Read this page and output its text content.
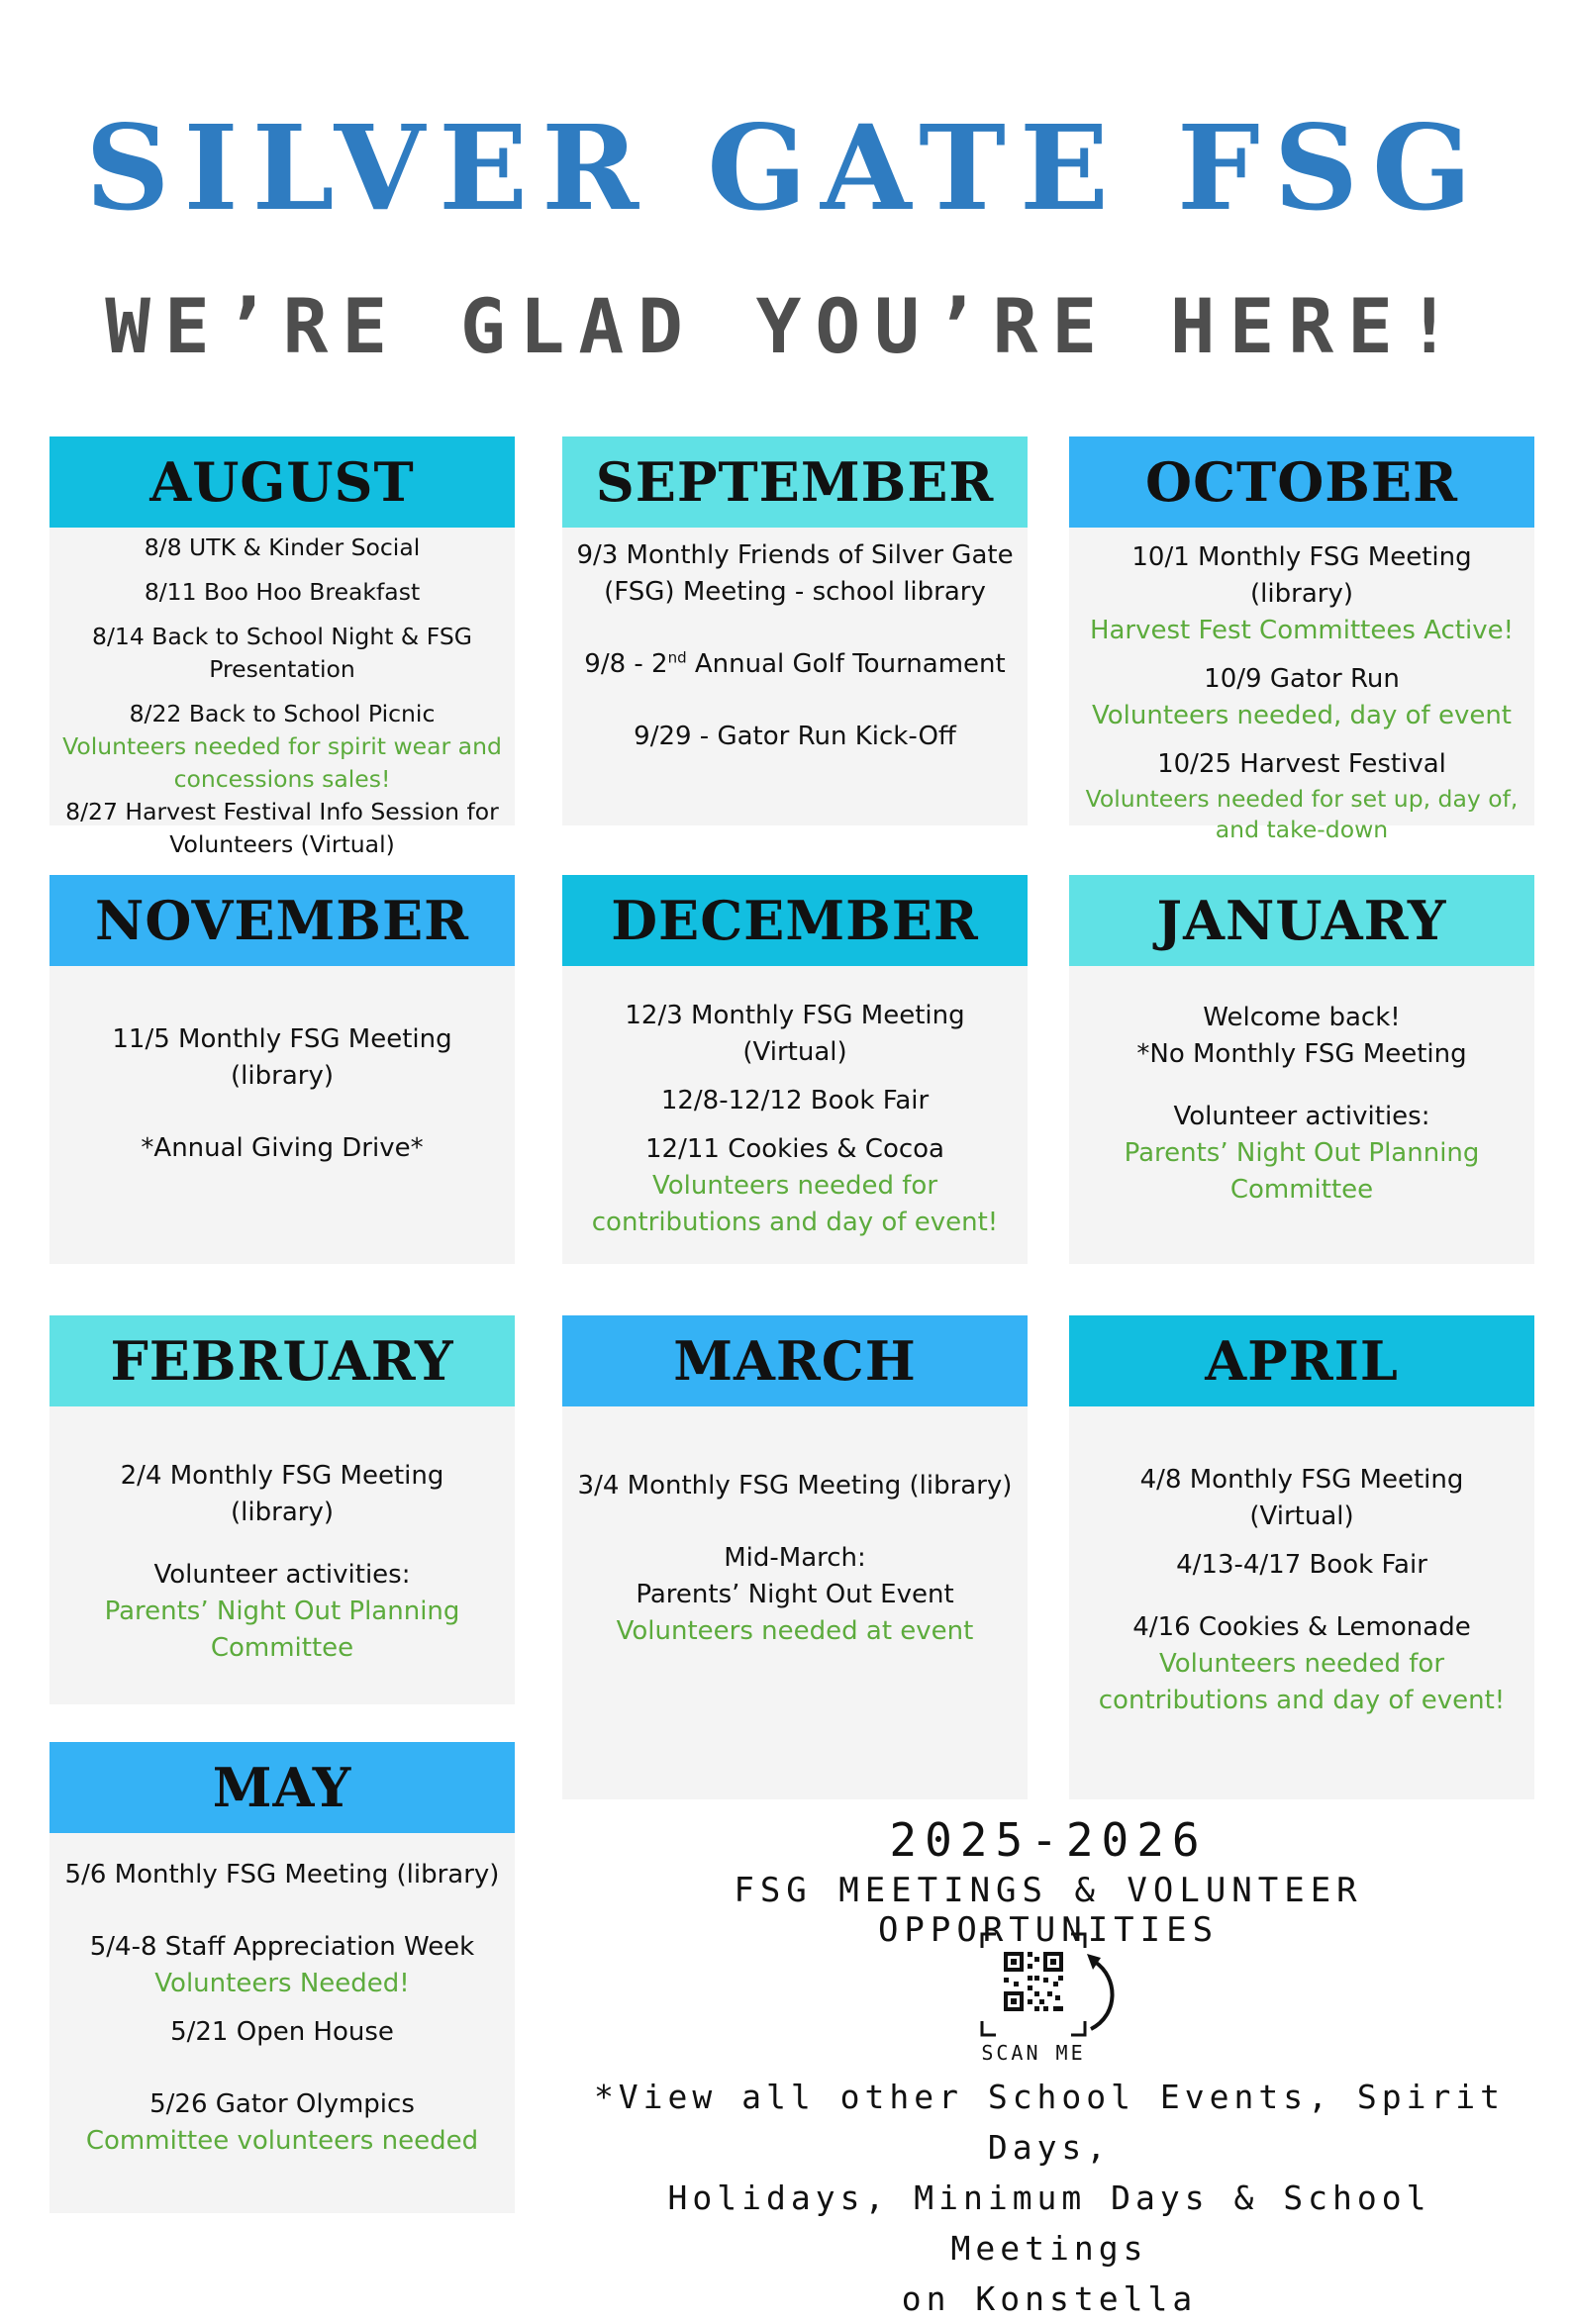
SILVER GATE FSG
WE’RE GLAD YOU’RE HERE!
AUGUST
8/8 UTK & Kinder Social
8/11 Boo Hoo Breakfast
8/14 Back to School Night & FSG
Presentation
8/22 Back to School Picnic
Volunteers needed for spirit wear and
concessions sales!
8/27 Harvest Festival Info Session for
Volunteers (Virtual)
SEPTEMBER
9/3 Monthly Friends of Silver Gate
(FSG) Meeting - school library
9/8 - 2nd Annual Golf Tournament
9/29 - Gator Run Kick-Off
OCTOBER
10/1 Monthly FSG Meeting (library)
Harvest Fest Committees Active!
10/9 Gator Run
Volunteers needed, day of event
10/25 Harvest Festival
Volunteers needed for set up, day of,
and take-down
NOVEMBER
11/5 Monthly FSG Meeting (library)
*Annual Giving Drive*
DECEMBER
12/3 Monthly FSG Meeting
(Virtual)
12/8-12/12 Book Fair
12/11 Cookies & Cocoa
Volunteers needed for
contributions and day of event!
JANUARY
Welcome back!
*No Monthly FSG Meeting
Volunteer activities:
Parents’ Night Out Planning
Committee
FEBRUARY
2/4 Monthly FSG Meeting
(library)
Volunteer activities:
Parents’ Night Out Planning
Committee
MARCH
3/4 Monthly FSG Meeting (library)
Mid-March:
Parents’ Night Out Event
Volunteers needed at event
APRIL
4/8 Monthly FSG Meeting
(Virtual)
4/13-4/17 Book Fair
4/16 Cookies & Lemonade
Volunteers needed for
contributions and day of event!
MAY
5/6 Monthly FSG Meeting (library)
5/4-8 Staff Appreciation Week
Volunteers Needed!
5/21 Open House
5/26 Gator Olympics
Committee volunteers needed
2025-2026
FSG MEETINGS & VOLUNTEER OPPORTUNITIES
SCAN ME
*View all other School Events, Spirit Days,
Holidays, Minimum Days & School Meetings
on Konstella
